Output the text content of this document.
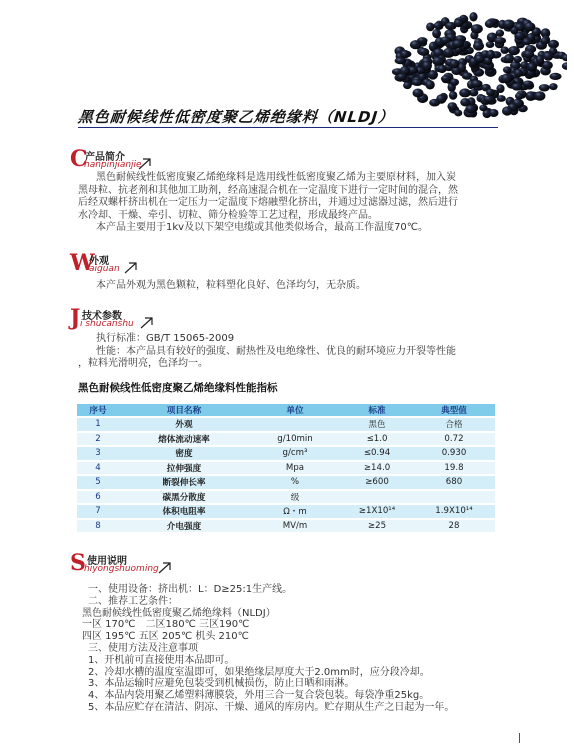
黑色耐候线性低密度聚乙烯绝缘料（NLDJ）
C
产品简介
hanpinjianjie

黑色耐候线性低密度聚乙烯绝缘料是选用线性低密度聚乙烯为主要原材料，加入炭

黑母粒、抗老剂和其他加工助剂，经高速混合机在一定温度下进行一定时间的混合，然

后经双螺杆挤出机在一定压力一定温度下熔融塑化挤出，并通过过滤器过滤，然后进行

水冷却、干燥、牵引、切粒、筛分检验等工艺过程，形成最终产品。

本产品主要用于1kv及以下架空电缆或其他类似场合，最高工作温度70℃。

W
外观
aiguan

本产品外观为黑色颗粒，粒料塑化良好、色泽均匀，无杂质。

J 技术参数
i shucanshu

执行标准：GB/T 15065-2009

性能：本产品具有较好的强度、耐热性及电绝缘性、优良的耐环境应力开裂等性能

，粒料光滑明亮，色泽均一。

黑色耐候线性低密度聚乙烯绝缘料性能指标
序号	项目名称	单位	标准	典型值
1	外观		黑色	合格
2	熔体流动速率	g/10min	≤1.0	0.72
3	密度	g/cm³	≤0.94	0.930
4	拉伸强度	Mpa	≥14.0	19.8
5	断裂伸长率	%	≥600	680
6	碳黑分散度	级		
7	体积电阻率	Ω・m	≥1X10¹⁴	1.9X10¹⁴
8	介电强度	MV/m	≥25	28
S 使用说明
hiyongshuoming

一、使用设备：挤出机：L：D≥25:1生产线。

二、推荐工艺条件：

黑色耐候线性低密度聚乙烯绝缘料（NLDJ）

一区 170℃　二区180℃ 三区190℃

四区 195℃ 五区 205℃ 机头 210℃

三、使用方法及注意事项

1、开机前可直接使用本品即可。

2、冷却水槽的温度室温即可，如果绝缘层厚度大于2.0mm时，应分段冷却。

3、本品运输时应避免包装受到机械损伤，防止日晒和雨淋。

4、本品内袋用聚乙烯塑料薄膜袋，外用三合一复合袋包装。每袋净重25kg。

5、本品应贮存在清洁、阴凉、干燥、通风的库房内。贮存期从生产之日起为一年。
